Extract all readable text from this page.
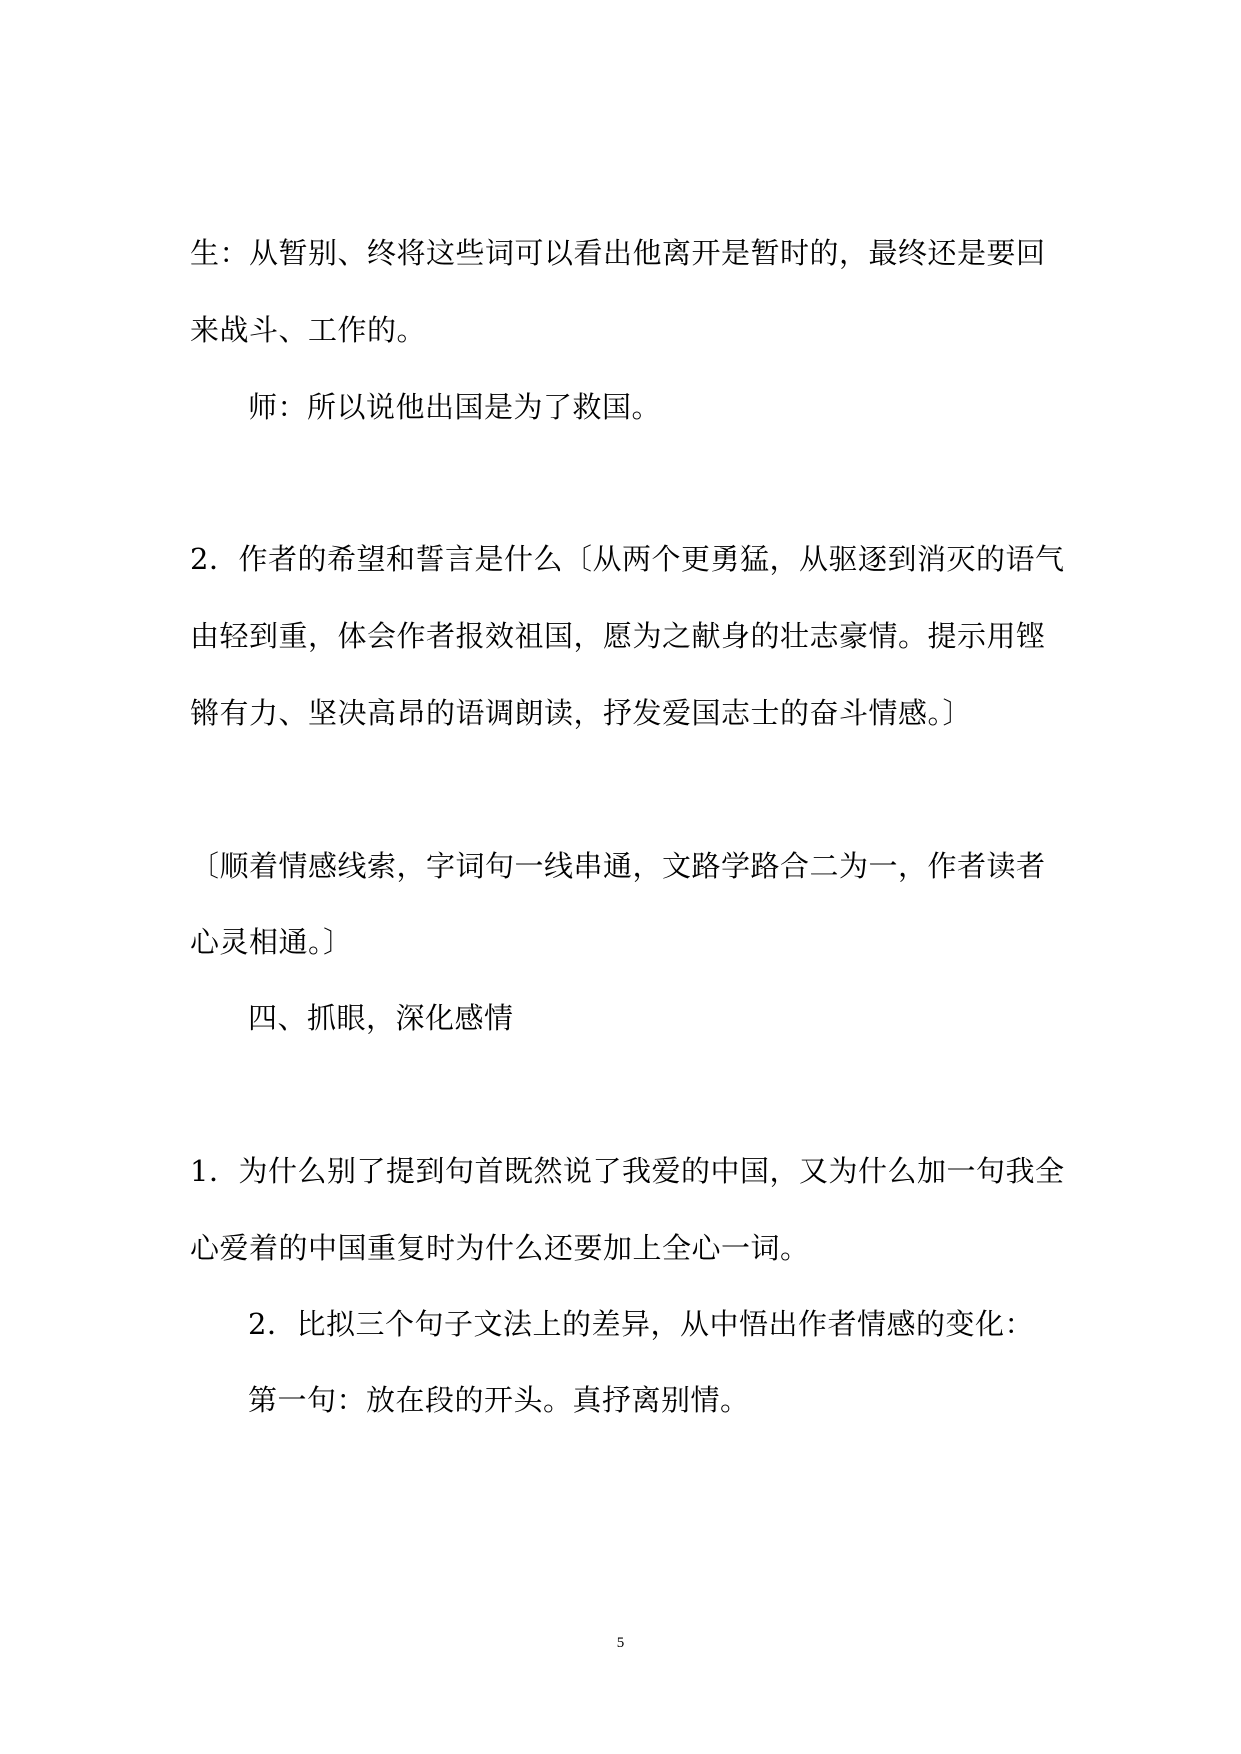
生：从暂别、终将这些词可以看出他离开是暂时的，最终还是要回
来战斗、工作的。
师：所以说他出国是为了救国。
2．作者的希望和誓言是什么〔从两个更勇猛，从驱逐到消灭的语气
由轻到重，体会作者报效祖国，愿为之献身的壮志豪情。提示用铿
锵有力、坚决高昂的语调朗读，抒发爱国志士的奋斗情感。〕
〔顺着情感线索，字词句一线串通，文路学路合二为一，作者读者
心灵相通。〕
四、抓眼，深化感情
1．为什么别了提到句首既然说了我爱的中国，又为什么加一句我全
心爱着的中国重复时为什么还要加上全心一词。
2．比拟三个句子文法上的差异，从中悟出作者情感的变化：
第一句：放在段的开头。真抒离别情。
5
